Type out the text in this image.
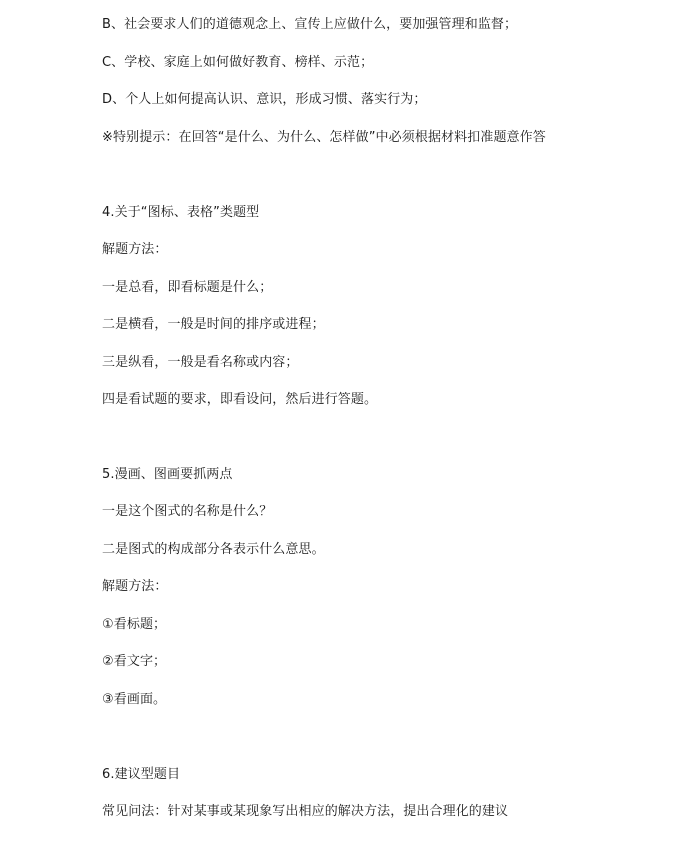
B、社会要求人们的道德观念上、宣传上应做什么，要加强管理和监督；
C、学校、家庭上如何做好教育、榜样、示范；
D、个人上如何提高认识、意识，形成习惯、落实行为；
※特别提示：在回答“是什么、为什么、怎样做”中必须根据材料扣准题意作答
4.关于“图标、表格”类题型
解题方法：
一是总看，即看标题是什么；
二是横看，一般是时间的排序或进程；
三是纵看，一般是看名称或内容；
四是看试题的要求，即看设问，然后进行答题。
5.漫画、图画要抓两点
一是这个图式的名称是什么？
二是图式的构成部分各表示什么意思。
解题方法：
①看标题；
②看文字；
③看画面。
6.建议型题目
常见问法：针对某事或某现象写出相应的解决方法，提出合理化的建议
